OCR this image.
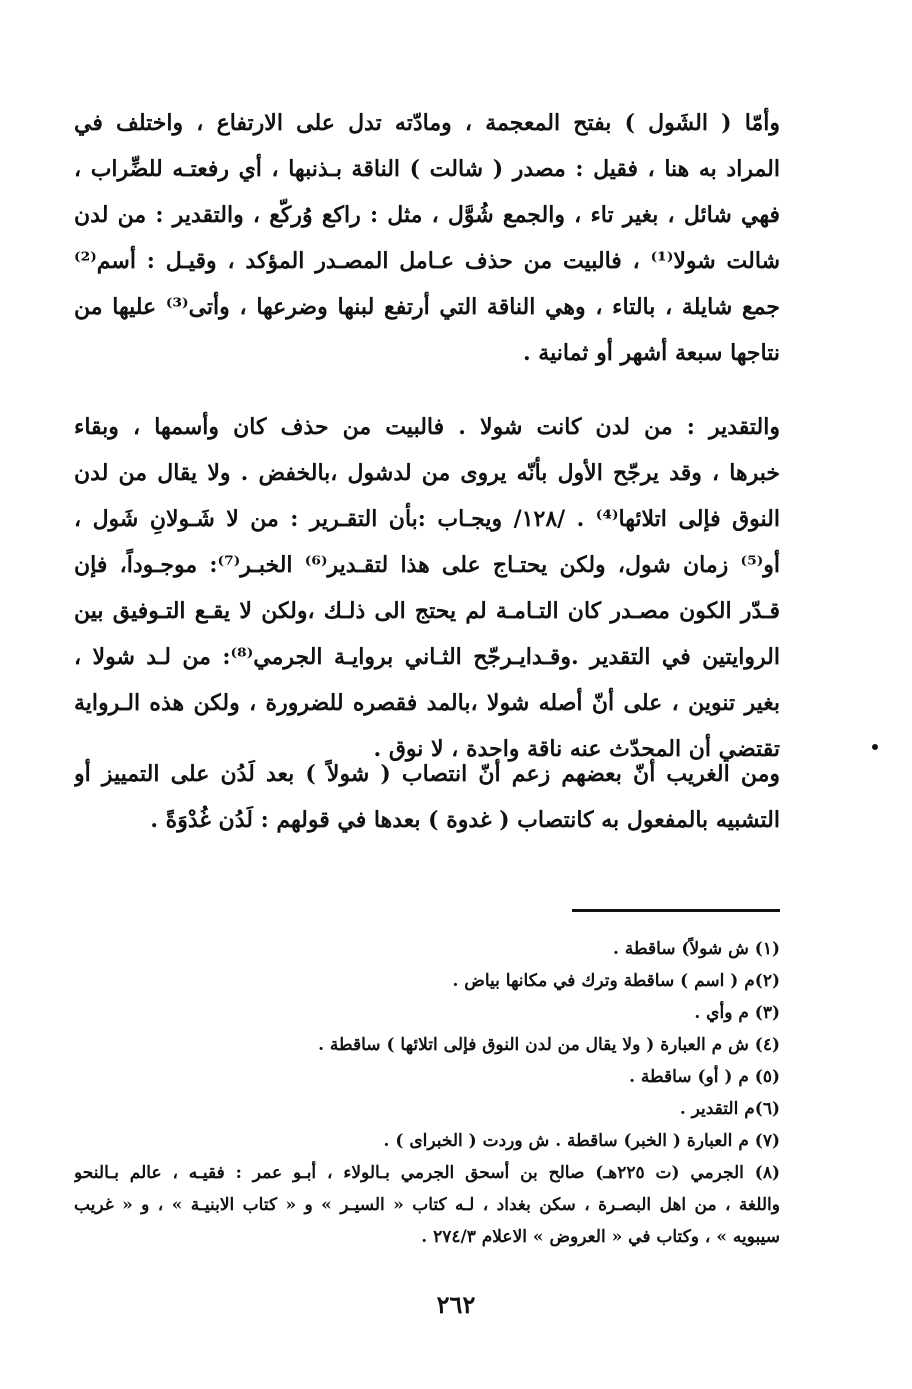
وأمّا ( الشَول ) بفتح المعجمة ، ومادّته تدل على الارتفاع ، واختلف في
المراد به هنا ، فقيل : مصدر ( شالت ) الناقة بـذنبها ، أي رفعتـه للضِّراب ،
فهي شائل ، بغير تاء ، والجمع شُوَّل ، مثل : راكع وُركّع ، والتقدير : من لدن
شالت شولا⁽¹⁾ ، فالبيت من حذف عـامل المصـدر المؤكد ، وقيـل : أسم⁽²⁾
جمع شايلة ، بالتاء ، وهي الناقة التي أرتفع لبنها وضرعها ، وأتى⁽³⁾ عليها من
نتاجها سبعة أشهر أو ثمانية .
والتقدير : من لدن كانت شولا . فالبيت من حذف كان وأسمها ، وبقاء
خبرها ، وقد يرجّح الأول بأنّه يروى من لدشول ،بالخفض . ولا يقال من لدن
النوق فإلى اتلائها⁽⁴⁾ . /١٢٨/ ويجـاب :بأن التقـرير : من لا شَـولانِ شَول ،
أو⁽⁵⁾ زمان شول، ولكن يحتـاج على هذا لتقـدير⁽⁶⁾ الخبـر⁽⁷⁾: موجـوداً، فإن
قـدّر الكون مصـدر كان التـامـة لم يحتج الى ذلـك ،ولكن لا يقـع التـوفيق بين
الروايتين في التقدير .وقـدايـرجّح الثـاني بروايـة الجرمي⁽⁸⁾: من لـد شولا ،
بغير تنوين ، على أنّ أصله شولا ،بالمد فقصره للضرورة ، ولكن هذه الـرواية
تقتضي أن المحدّث عنه ناقة واحدة ، لا نوق .
ومن الغريب أنّ بعضهم زعم أنّ انتصاب ( شولاً ) بعد لَدُن على التمييز أو
التشبيه بالمفعول به كانتصاب ( غدوة ) بعدها في قولهم : لَدُن غُدْوَةً .
(١) ش شولاً) ساقطة .
(٢)م ( اسم ) ساقطة وترك في مكانها بياض .
(٣) م وأي .
(٤) ش م العبارة ( ولا يقال من لدن النوق فإلى اتلائها ) ساقطة .
(٥) م ( أو) ساقطة .
(٦)م التقدير .
(٧) م العبارة ( الخبر) ساقطة . ش وردت ( الخبراى ) .
(٨) الجرمي (ت ٢٢٥هـ) صالح بن أسحق الجرمي بـالولاء ، أبـو عمر : فقيـه ، عالم بـالنحو
واللغة ، من اهل البصـرة ، سكن بغداد ، لـه كتاب « السيـر » و « كتاب الابنيـة » ، و « غريب
سيبويه » ، وكتاب في « العروض » الاعلام ٢٧٤/٣ .
٢٦٢
